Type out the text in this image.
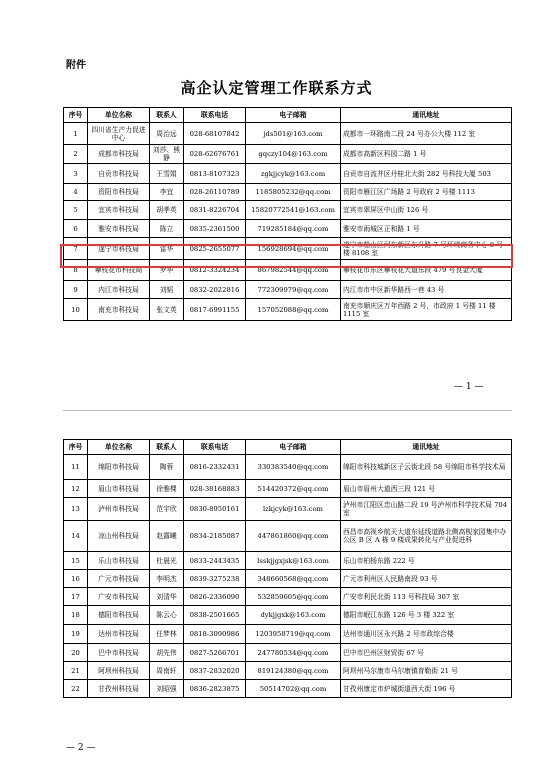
附件
高企认定管理工作联系方式
序号	单位名称	联系人	联系电话	电子邮箱	通讯地址
1	四川省生产力促进中心	周治远	028-68107842	jds501@163.com	成都市一环路南二段 24 号办公大楼 112 室
2	成都市科技局	刘莎、熊静	028-62676761	gqczy104@163.com	成都市高新区科园二路 1 号
3	自贡市科技局	王雪娟	0813-8107323	zgkjjcyk@163.com	自贡市自流井区丹桂北大街 282 号科技大厦 503
4	资阳市科技局	李宜	028-26110789	1185805232@qq.com	资阳市雁江区广场路 2 号政府 2 号楼 1113
5	宜宾市科技局	胡孝英	0831-8226704	15820772541@163.com	宜宾市翠屏区中山街 126 号
6	雅安市科技局	陈立	0835-2361500	719285184@qq.com	雅安市雨城区正和路 1 号
7	遂宁市科技局	雷华	0825-2655077	156928694@qq.com	遂宁市船山区河东新区东升路 7 号环境商务中心 8 号楼 8108 室
8	攀枝花市科技局	罗华	0812-3324234	867982544@qq.com	攀枝花市东区攀枝花大道东段 479 号良金大厦
9	内江市科技局	刘韬	0832-2022816	772309979@qq.com	内江市市中区新华路西一巷 43 号
10	南充市科技局	张文英	0817-6991155	157052088@qq.com	南充市顺庆区万年西路 2 号，市政府 1 号楼 11 楼 1115 室
— 1 —
序号	单位名称	联系人	联系电话	电子邮箱	通讯地址
11	绵阳市科技局	陶蓉	0816-2332431	330383540@qq.com	绵阳市科技城新区子云街北段 58 号绵阳市科学技术局
12	眉山市科技局	徐雅棵	028-38168883	514420372@qq.com	眉山市眉州大道西三段 121 号
13	泸州市科技局	范宇欣	0830-8950161	lzkjcyk@163.com	泸州市江阳区忠山路二段 19 号泸州市科学技术局 704 室
14	凉山州科技局	赵露曦	0834-2185087	447861860@qq.com	西昌市高视乡航天大道东延线道路北侧高枧家园集中办公区 B 区 A 栋 9 楼成果转化与产业促进科
15	乐山市科技局	杜晨光	0833-2443435	lsskjjgxjsk@163.com	乐山市柏杨东路 222 号
16	广元市科技局	李明杰	0839-3275238	348660568@qq.com	广元市利州区人民路南段 93 号
17	广安市科技局	刘清华	0826-2336090	532859605@qq.com	广安市利民北街 113 号科技局 307 室
18	德阳市科技局	陈云心	0838-2501665	dykjjgxk@163.com	德阳市岷江东路 126 号 3 楼 322 室
19	达州市科技局	任梦林	0818-3090986	1203958719@qq.com	达州市通川区永兴路 2 号市政综合楼
20	巴中市科技局	胡先伟	0827-5266701	247780534@qq.com	巴中市巴州区财贸街 67 号
21	阿坝州科技局	周南轩	0837-2832020	819124380@qq.com	阿坝州马尔康市马尔康镇育勒街 21 号
22	甘孜州科技局	刘昭强	0836-2823875	50514702@qq.com	甘孜州康定市炉城街道西大街 196 号
— 2 —
